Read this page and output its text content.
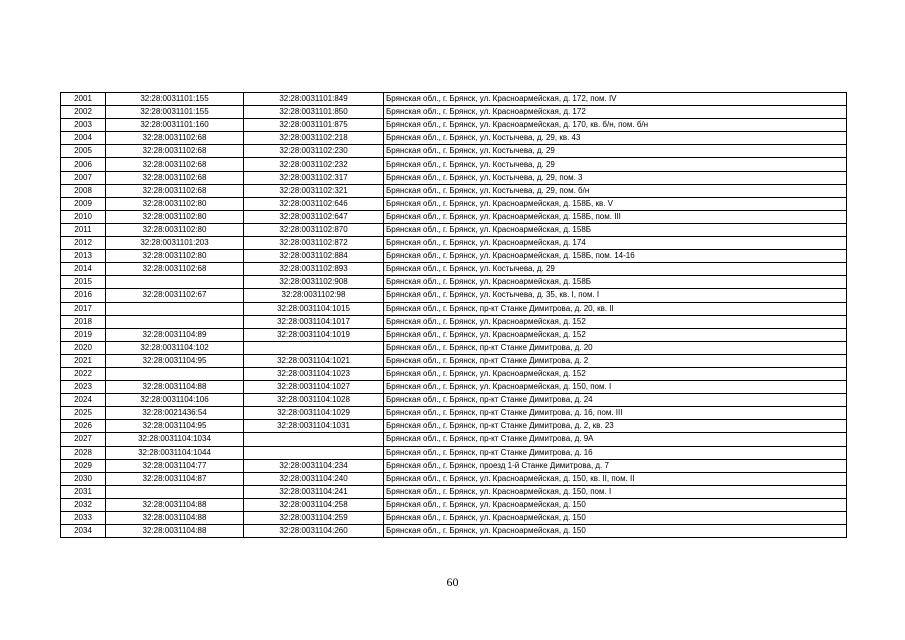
2001	32:28:0031101:155	32:28:0031101:849	Брянская обл., г. Брянск, ул. Красноармейская, д. 172, пом. IV
2002	32:28:0031101:155	32:28:0031101:850	Брянская обл., г. Брянск, ул. Красноармейская, д. 172
2003	32:28:0031101:160	32:28:0031101:875	Брянская обл., г. Брянск, ул. Красноармейская, д. 170, кв. б/н, пом. б/н
2004	32:28:0031102:68	32:28:0031102:218	Брянская обл., г. Брянск, ул. Костычева, д. 29, кв. 43
2005	32:28:0031102:68	32:28:0031102:230	Брянская обл., г. Брянск, ул. Костычева, д. 29
2006	32:28:0031102:68	32:28:0031102:232	Брянская обл., г. Брянск, ул. Костычева, д. 29
2007	32:28:0031102:68	32:28:0031102:317	Брянская обл., г. Брянск, ул. Костычева, д. 29, пом. 3
2008	32:28:0031102:68	32:28:0031102:321	Брянская обл., г. Брянск, ул. Костычева, д. 29, пом. б/н
2009	32:28:0031102:80	32:28:0031102:646	Брянская обл., г. Брянск, ул. Красноармейская, д. 158Б, кв. V
2010	32:28:0031102:80	32:28:0031102:647	Брянская обл., г. Брянск, ул. Красноармейская, д. 158Б, пом. III
2011	32:28:0031102:80	32:28:0031102:870	Брянская обл., г. Брянск, ул. Красноармейская, д. 158Б
2012	32:28:0031101:203	32:28:0031102:872	Брянская обл., г. Брянск, ул. Красноармейская, д. 174
2013	32:28:0031102:80	32:28:0031102:884	Брянская обл., г. Брянск, ул. Красноармейская, д. 158Б, пом. 14-16
2014	32:28:0031102:68	32:28:0031102:893	Брянская обл., г. Брянск, ул. Костычева, д. 29
2015		32:28:0031102:908	Брянская обл., г. Брянск, ул. Красноармейская, д. 158Б
2016	32:28:0031102:67	32:28:0031102:98	Брянская обл., г. Брянск, ул. Костычева, д. 35, кв. I, пом. I
2017		32:28:0031104:1015	Брянская обл., г. Брянск, пр-кт Станке Димитрова, д. 20, кв. II
2018		32:28:0031104:1017	Брянская обл., г. Брянск, ул. Красноармейская, д. 152
2019	32:28:0031104:89	32:28:0031104:1019	Брянская обл., г. Брянск, ул. Красноармейская, д. 152
2020	32:28:0031104:102		Брянская обл., г. Брянск, пр-кт Станке Димитрова, д. 20
2021	32:28:0031104:95	32:28:0031104:1021	Брянская обл., г. Брянск, пр-кт Станке Димитрова, д. 2
2022		32:28:0031104:1023	Брянская обл., г. Брянск, ул. Красноармейская, д. 152
2023	32:28:0031104:88	32:28:0031104:1027	Брянская обл., г. Брянск, ул. Красноармейская, д. 150, пом. I
2024	32:28:0031104:106	32:28:0031104:1028	Брянская обл., г. Брянск, пр-кт Станке Димитрова, д. 24
2025	32:28:0021436:54	32:28:0031104:1029	Брянская обл., г. Брянск, пр-кт Станке Димитрова, д. 16, пом. III
2026	32:28:0031104:95	32:28:0031104:1031	Брянская обл., г. Брянск, пр-кт Станке Димитрова, д. 2, кв. 23
2027	32:28:0031104:1034		Брянская обл., г. Брянск, пр-кт Станке Димитрова, д. 9А
2028	32:28:0031104:1044		Брянская обл., г. Брянск, пр-кт Станке Димитрова, д. 16
2029	32:28:0031104:77	32:28:0031104:234	Брянская обл., г. Брянск, проезд 1-й Станке Димитрова, д. 7
2030	32:28:0031104:87	32:28:0031104:240	Брянская обл., г. Брянск, ул. Красноармейская, д. 150, кв. II, пом. II
2031		32:28:0031104:241	Брянская обл., г. Брянск, ул. Красноармейская, д. 150, пом. I
2032	32:28:0031104:88	32:28:0031104:258	Брянская обл., г. Брянск, ул. Красноармейская, д. 150
2033	32:28:0031104:88	32:28:0031104:259	Брянская обл., г. Брянск, ул. Красноармейская, д. 150
2034	32:28:0031104:88	32:28:0031104:260	Брянская обл., г. Брянск, ул. Красноармейская, д. 150
60
